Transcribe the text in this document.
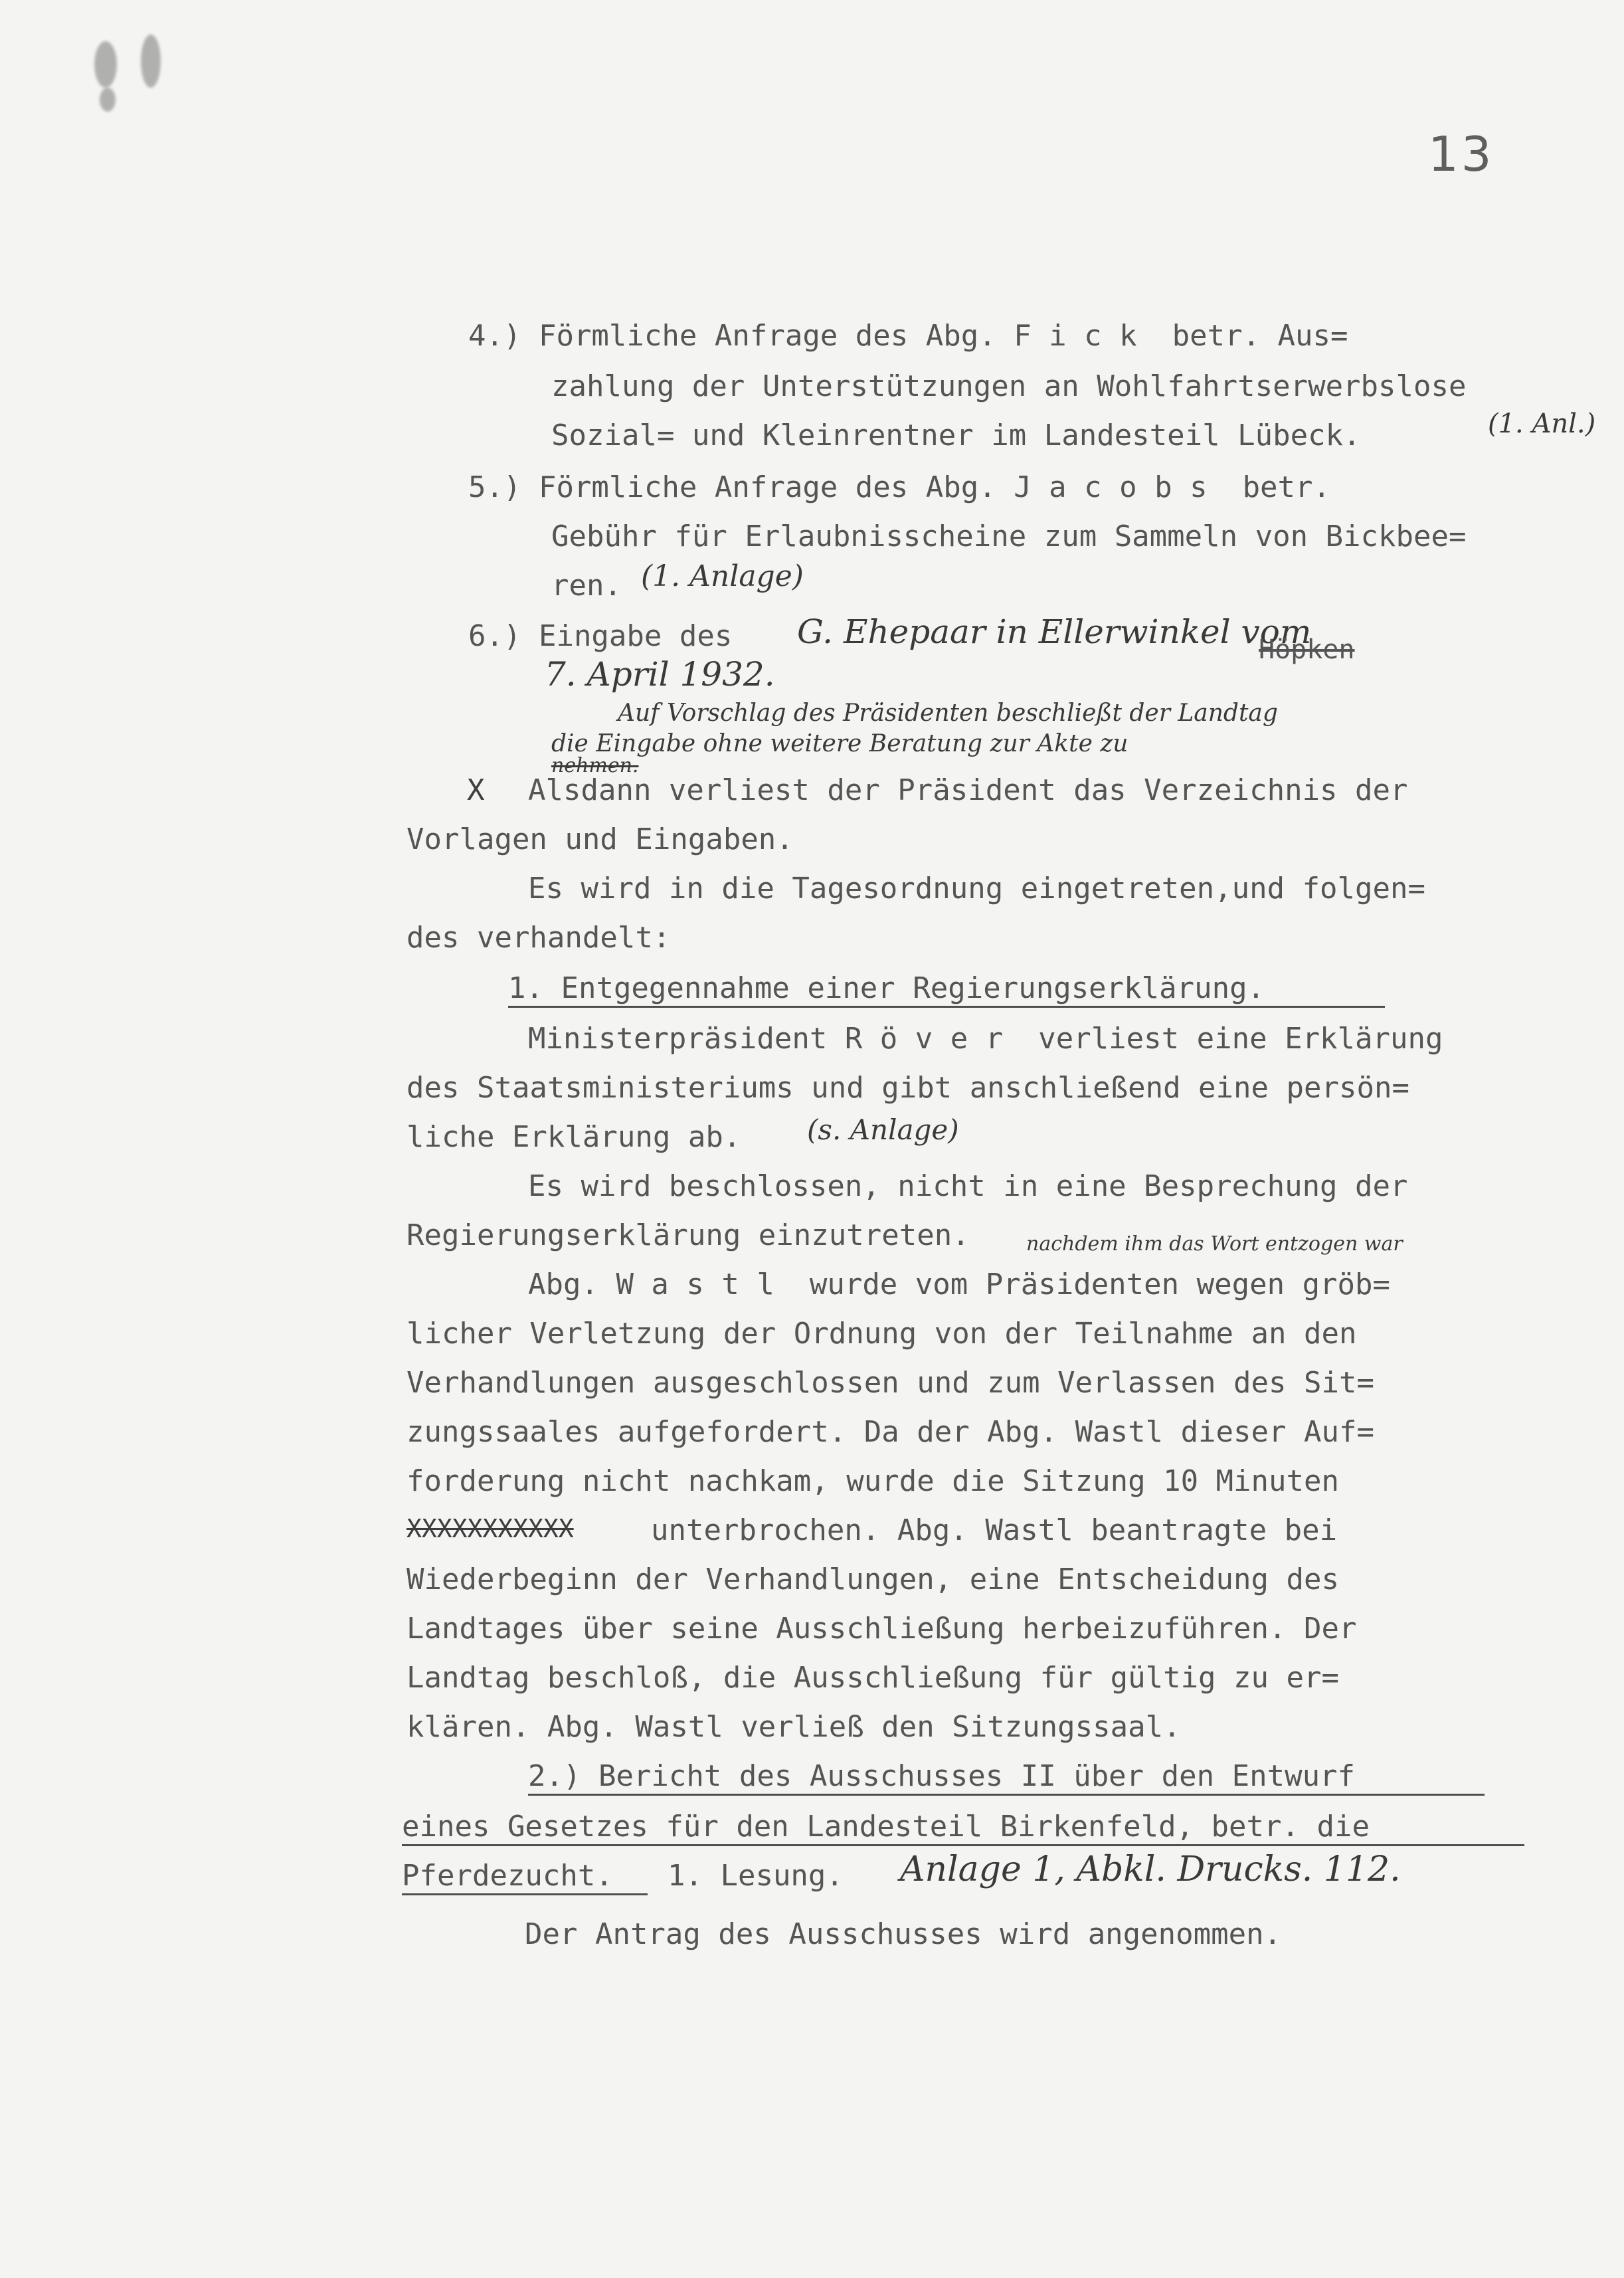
13
4.) Förmliche Anfrage des Abg. F i c k  betr. Aus=
zahlung der Unterstützungen an Wohlfahrtserwerbslose
Sozial= und Kleinrentner im Landesteil Lübeck.	(1. Anl.)
5.) Förmliche Anfrage des Abg. J a c o b s  betr.
Gebühr für Erlaubnisscheine zum Sammeln von Bickbee=
ren. (1. Anlage)
6.) Eingabe des G. Ehepaar in Ellerwinkel vom
Höpken
7. April 1932.
Auf Vorschlag des Präsidenten beschließt der Landtag
die Eingabe ohne weitere Beratung zur Akte zu
nehmen.
X Alsdann verliest der Präsident das Verzeichnis der
Vorlagen und Eingaben.
Es wird in die Tagesordnung eingetreten,und folgen=
des verhandelt:
1. Entgegennahme einer Regierungserklärung.
Ministerpräsident R ö v e r  verliest eine Erklärung
des Staatsministeriums und gibt anschließend eine persön=
liche Erklärung ab. (s. Anlage)
Es wird beschlossen, nicht in eine Besprechung der
Regierungserklärung einzutreten.	nachdem ihm das Wort entzogen war
Abg. W a s t l  wurde vom Präsidenten wegen gröb=
licher Verletzung der Ordnung von der Teilnahme an den
Verhandlungen ausgeschlossen und zum Verlassen des Sit=
zungssaales aufgefordert. Da der Abg. Wastl dieser Auf=
forderung nicht nachkam, wurde die Sitzung 10 Minuten
XXXXXXXXXXX	unterbrochen. Abg. Wastl beantragte bei
Wiederbeginn der Verhandlungen, eine Entscheidung des
Landtages über seine Ausschließung herbeizuführen. Der
Landtag beschloß, die Ausschließung für gültig zu er=
klären. Abg. Wastl verließ den Sitzungssaal.
2.) Bericht des Ausschusses II über den Entwurf
eines Gesetzes für den Landesteil Birkenfeld, betr. die
Pferdezucht. 1. Lesung. Anlage 1, Abkl. Drucks. 112.
Der Antrag des Ausschusses wird angenommen.
